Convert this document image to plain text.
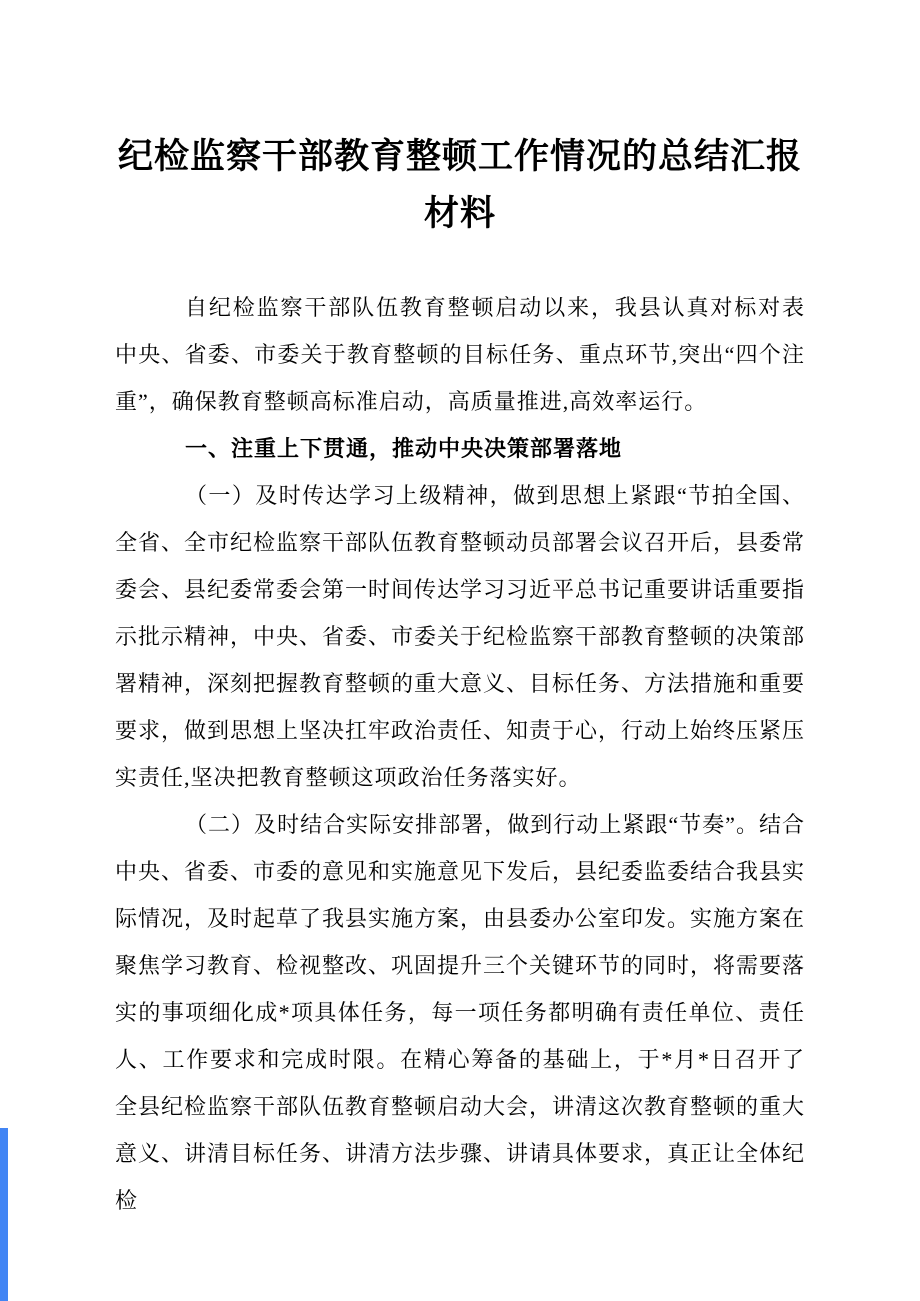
纪检监察干部教育整顿工作情况的总结汇报材料

自纪检监察干部队伍教育整顿启动以来，我县认真对标对表中央、省委、市委关于教育整顿的目标任务、重点环节,突出“四个注重”，确保教育整顿高标准启动，高质量推进,高效率运行。

一、注重上下贯通，推动中央决策部署落地

（一）及时传达学习上级精神，做到思想上紧跟“节拍全国、全省、全市纪检监察干部队伍教育整顿动员部署会议召开后，县委常委会、县纪委常委会第一时间传达学习习近平总书记重要讲话重要指示批示精神，中央、省委、市委关于纪检监察干部教育整顿的决策部署精神，深刻把握教育整顿的重大意义、目标任务、方法措施和重要要求，做到思想上坚决扛牢政治责任、知责于心，行动上始终压紧压实责任,坚决把教育整顿这项政治任务落实好。

（二）及时结合实际安排部署，做到行动上紧跟“节奏”。结合中央、省委、市委的意见和实施意见下发后，县纪委监委结合我县实际情况，及时起草了我县实施方案，由县委办公室印发。实施方案在聚焦学习教育、检视整改、巩固提升三个关键环节的同时，将需要落实的事项细化成*项具体任务，每一项任务都明确有责任单位、责任人、工作要求和完成时限。在精心筹备的基础上，于*月*日召开了全县纪检监察干部队伍教育整顿启动大会，讲清这次教育整顿的重大意义、讲清目标任务、讲清方法步骤、讲请具体要求，真正让全体纪检
